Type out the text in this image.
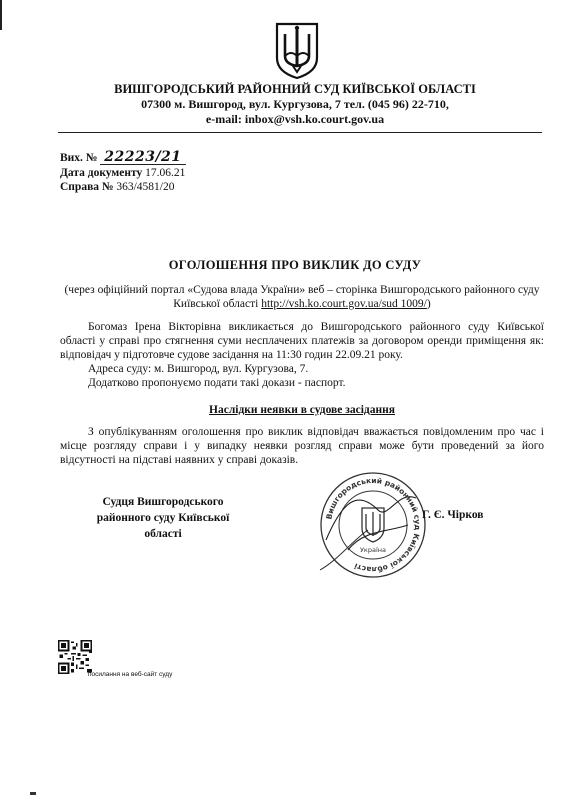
ВИШГОРОДСЬКИЙ РАЙОННИЙ СУД КИЇВСЬКОЇ ОБЛАСТІ
07300 м. Вишгород, вул. Кургузова, 7 тел. (045 96) 22-710,
e-mail: inbox@vsh.ko.court.gov.ua
Вих. № 22223/21
Дата документу 17.06.21
Справа № 363/4581/20
ОГОЛОШЕННЯ ПРО ВИКЛИК ДО СУДУ
(через офіційний портал «Судова влада України» веб – сторінка Вишгородського районного суду Київської області http://vsh.ko.court.gov.ua/sud 1009/)
Богомаз Ірена Вікторівна викликається до Вишгородського районного суду Київської області у справі про стягнення суми несплачених платежів за договором оренди приміщення як: відповідач у підготовче судове засідання на 11:30 годин 22.09.21 року.
Адреса суду: м. Вишгород, вул. Кургузова, 7.
Додатково пропонуємо подати такі докази - паспорт.
Наслідки неявки в судове засідання
З опублікуванням оголошення про виклик відповідач вважається повідомленим про час і місце розгляду справи і у випадку неявки розгляд справи може бути проведений за його відсутності на підставі наявних у справі доказів.
Судця Вишгородського
районного суду Київської області
Вишгородський районний суд Київської області
Україна
Г. Є. Чірков
посилання на веб-сайт суду
